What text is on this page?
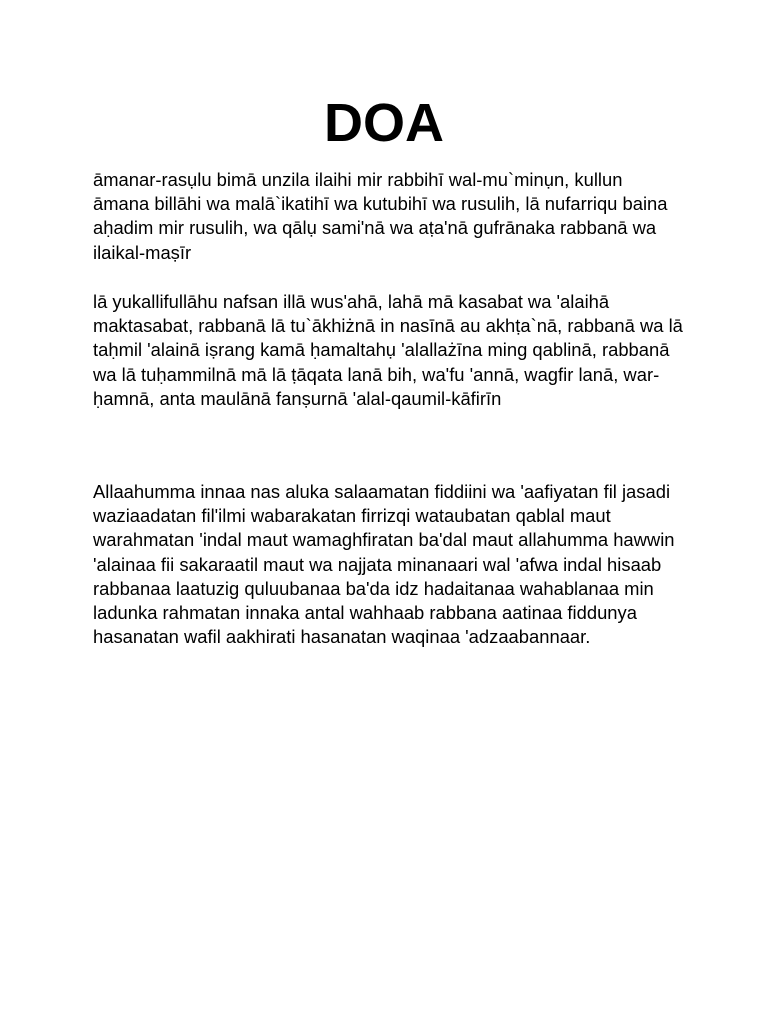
DOA

āmanar-rasụlu bimā unzila ilaihi mir rabbihī wal-mu`minụn, kullun āmana billāhi wa malā`ikatihī wa kutubihī wa rusulih, lā nufarriqu baina aḥadim mir rusulih, wa qālụ sami'nā wa aṭa'nā gufrānaka rabbanā wa ilaikal-maṣīr

lā yukallifullāhu nafsan illā wus'ahā, lahā mā kasabat wa 'alaihā maktasabat, rabbanā lā tu`ākhiżnā in nasīnā au akhṭa`nā, rabbanā wa lā taḥmil 'alainā iṣrang kamā ḥamaltahụ 'alallażīna ming qablinā, rabbanā wa lā tuḥammilnā mā lā ṭāqata lanā bih, wa'fu 'annā, wagfir lanā, war-ḥamnā, anta maulānā fanṣurnā 'alal-qaumil-kāfirīn

Allaahumma innaa nas aluka salaamatan fiddiini wa 'aafiyatan fil jasadi waziaadatan fil'ilmi wabarakatan firrizqi wataubatan qablal maut warahmatan 'indal maut wamaghfiratan ba'dal maut allahumma hawwin 'alainaa fii sakaraatil maut wa najjata minanaari wal 'afwa indal hisaab rabbanaa laatuzig quluubanaa ba'da idz hadaitanaa wahablanaa min ladunka rahmatan innaka antal wahhaab rabbana aatinaa fiddunya hasanatan wafil aakhirati hasanatan waqinaa 'adzaabannaar.
